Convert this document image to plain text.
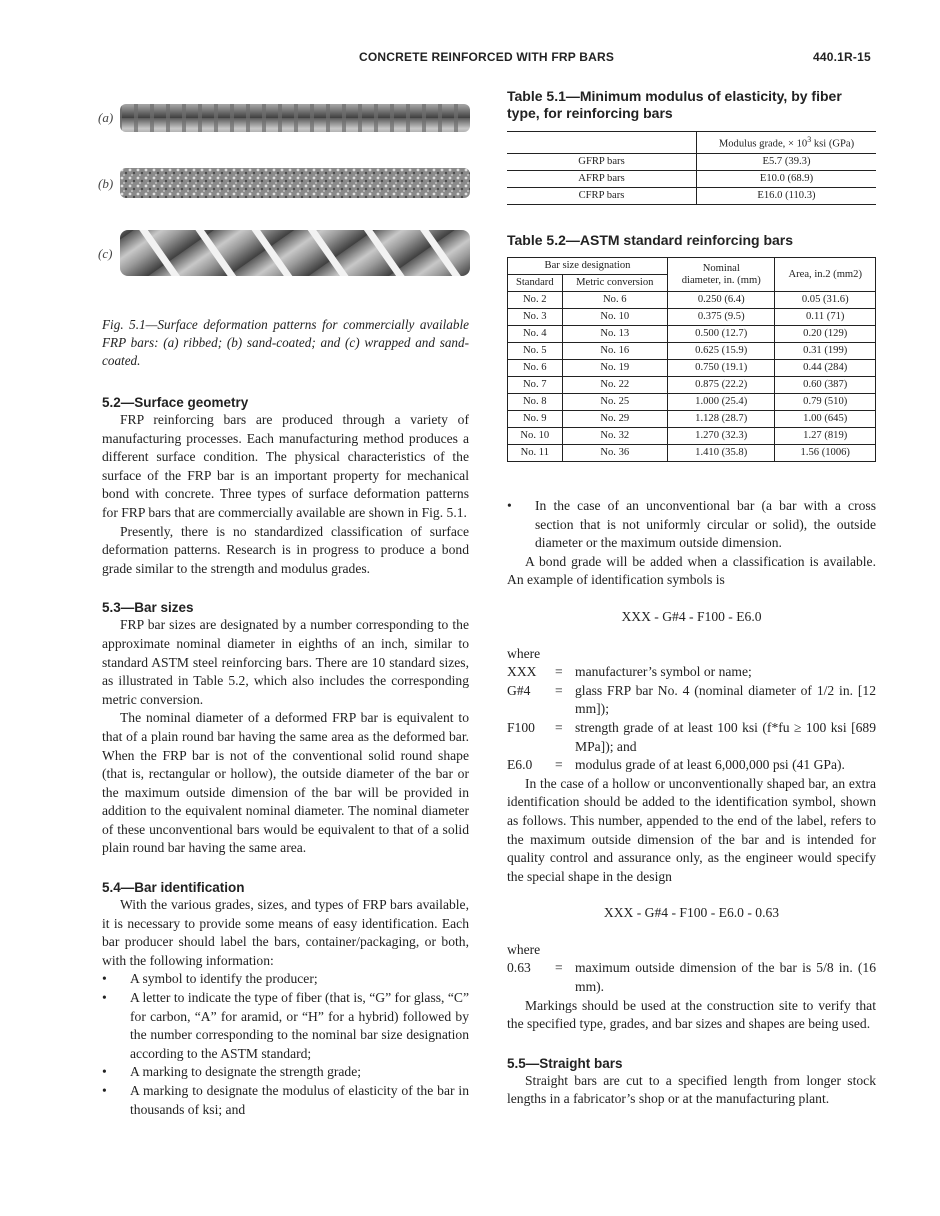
CONCRETE REINFORCED WITH FRP BARS	440.1R-15
(a)
(b)
(c)
Fig. 5.1—Surface deformation patterns for commercially available FRP bars: (a) ribbed; (b) sand-coated; and (c) wrapped and sand-coated.
5.2—Surface geometry

FRP reinforcing bars are produced through a variety of manufacturing processes. Each manufacturing method produces a different surface condition. The physical characteristics of the surface of the FRP bar is an important property for mechanical bond with concrete. Three types of surface deformation patterns for FRP bars that are commercially available are shown in Fig. 5.1.

Presently, there is no standardized classification of surface deformation patterns. Research is in progress to produce a bond grade similar to the strength and modulus grades.

5.3—Bar sizes

FRP bar sizes are designated by a number corresponding to the approximate nominal diameter in eighths of an inch, similar to standard ASTM steel reinforcing bars. There are 10 standard sizes, as illustrated in Table 5.2, which also includes the corresponding metric conversion.

The nominal diameter of a deformed FRP bar is equivalent to that of a plain round bar having the same area as the deformed bar. When the FRP bar is not of the conventional solid round shape (that is, rectangular or hollow), the outside diameter of the bar or the maximum outside dimension of the bar will be provided in addition to the equivalent nominal diameter. The nominal diameter of these unconventional bars would be equivalent to that of a solid plain round bar having the same area.

5.4—Bar identification

With the various grades, sizes, and types of FRP bars available, it is necessary to provide some means of easy identification. Each bar producer should label the bars, container/packaging, or both, with the following information:

•	A symbol to identify the producer;
•	A letter to indicate the type of fiber (that is, “G” for glass, “C” for carbon, “A” for aramid, or “H” for a hybrid) followed by the number corresponding to the nominal bar size designation according to the ASTM standard;
•	A marking to designate the strength grade;
•	A marking to designate the modulus of elasticity of the bar in thousands of ksi; and
Table 5.1—Minimum modulus of elasticity, by fiber type, for reinforcing bars
	Modulus grade, × $10^3$ ksi (GPa)
GFRP bars	E5.7 (39.3)
AFRP bars	E10.0 (68.9)
CFRP bars	E16.0 (110.3)
Table 5.2—ASTM standard reinforcing bars
Bar size designation		Nominal
diameter, in. (mm)	Area, in.2 (mm2)
Standard	Metric conversion		
No. 2	No. 6	0.250 (6.4)	0.05 (31.6)
No. 3	No. 10	0.375 (9.5)	0.11 (71)
No. 4	No. 13	0.500 (12.7)	0.20 (129)
No. 5	No. 16	0.625 (15.9)	0.31 (199)
No. 6	No. 19	0.750 (19.1)	0.44 (284)
No. 7	No. 22	0.875 (22.2)	0.60 (387)
No. 8	No. 25	1.000 (25.4)	0.79 (510)
No. 9	No. 29	1.128 (28.7)	1.00 (645)
No. 10	No. 32	1.270 (32.3)	1.27 (819)
No. 11	No. 36	1.410 (35.8)	1.56 (1006)
•	In the case of an unconventional bar (a bar with a cross section that is not uniformly circular or solid), the outside diameter or the maximum outside dimension.

A bond grade will be added when a classification is available. An example of identification symbols is

XXX - G#4 - F100 - E6.0

where

XXX	= manufacturer’s symbol or name;
G#4	= glass FRP bar No. 4 (nominal diameter of 1/2 in. [12 mm]);
F100	= strength grade of at least 100 ksi (f*fu ≥ 100 ksi [689 MPa]); and
E6.0	= modulus grade of at least 6,000,000 psi (41 GPa).

In the case of a hollow or unconventionally shaped bar, an extra identification should be added to the identification symbol, shown as follows. This number, appended to the end of the label, refers to the maximum outside dimension of the bar and is intended for quality control and assurance only, as the engineer would specify the special shape in the design

XXX - G#4 - F100 - E6.0 - 0.63

where

0.63	= maximum outside dimension of the bar is 5/8 in. (16 mm).

Markings should be used at the construction site to verify that the specified type, grades, and bar sizes and shapes are being used.

5.5—Straight bars

Straight bars are cut to a specified length from longer stock lengths in a fabricator’s shop or at the manufacturing plant.
